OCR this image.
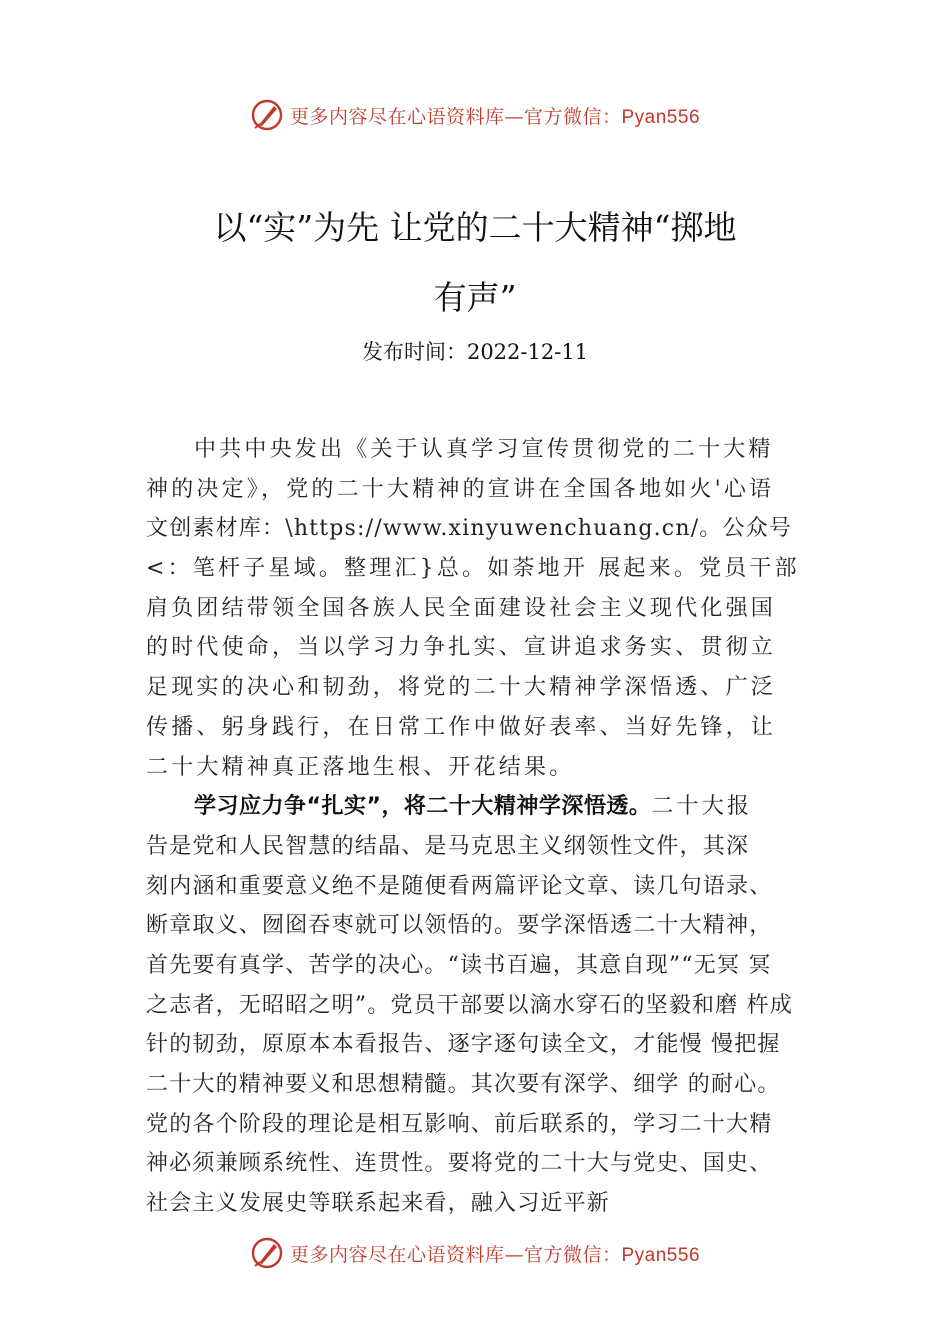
更多内容尽在心语资料库—官方微信：Pyan556
以“实”为先 让党的二十大精神“掷地
有声”
发布时间：2022-12-11
中共中央发出《关于认真学习宣传贯彻党的二十大精
神的决定》，党的二十大精神的宣讲在全国各地如火'心语
文创素材库：\https://www.xinyuwenchuang.cn/。公众号
<：笔杆子星域。整理汇}总。如荼地开 展起来。党员干部
肩负团结带领全国各族人民全面建设社会主义现代化强国
的时代使命，当以学习力争扎实、宣讲追求务实、贯彻立
足现实的决心和韧劲，将党的二十大精神学深悟透、广泛
传播、躬身践行，在日常工作中做好表率、当好先锋，让
二十大精神真正落地生根、开花结果。
学习应力争“扎实”，将二十大精神学深悟透。二十大报
告是党和人民智慧的结晶、是马克思主义纲领性文件，其深
刻内涵和重要意义绝不是随便看两篇评论文章、读几句语录、
断章取义、囫囵吞枣就可以领悟的。要学深悟透二十大精神，
首先要有真学、苦学的决心。“读书百遍，其意自现”“无冥 冥
之志者，无昭昭之明”。党员干部要以滴水穿石的坚毅和磨 杵成
针的韧劲，原原本本看报告、逐字逐句读全文，才能慢 慢把握
二十大的精神要义和思想精髓。其次要有深学、细学 的耐心。
党的各个阶段的理论是相互影响、前后联系的，学习二十大精
神必须兼顾系统性、连贯性。要将党的二十大与党史、国史、
社会主义发展史等联系起来看，融入习近平新
更多内容尽在心语资料库—官方微信：Pyan556
